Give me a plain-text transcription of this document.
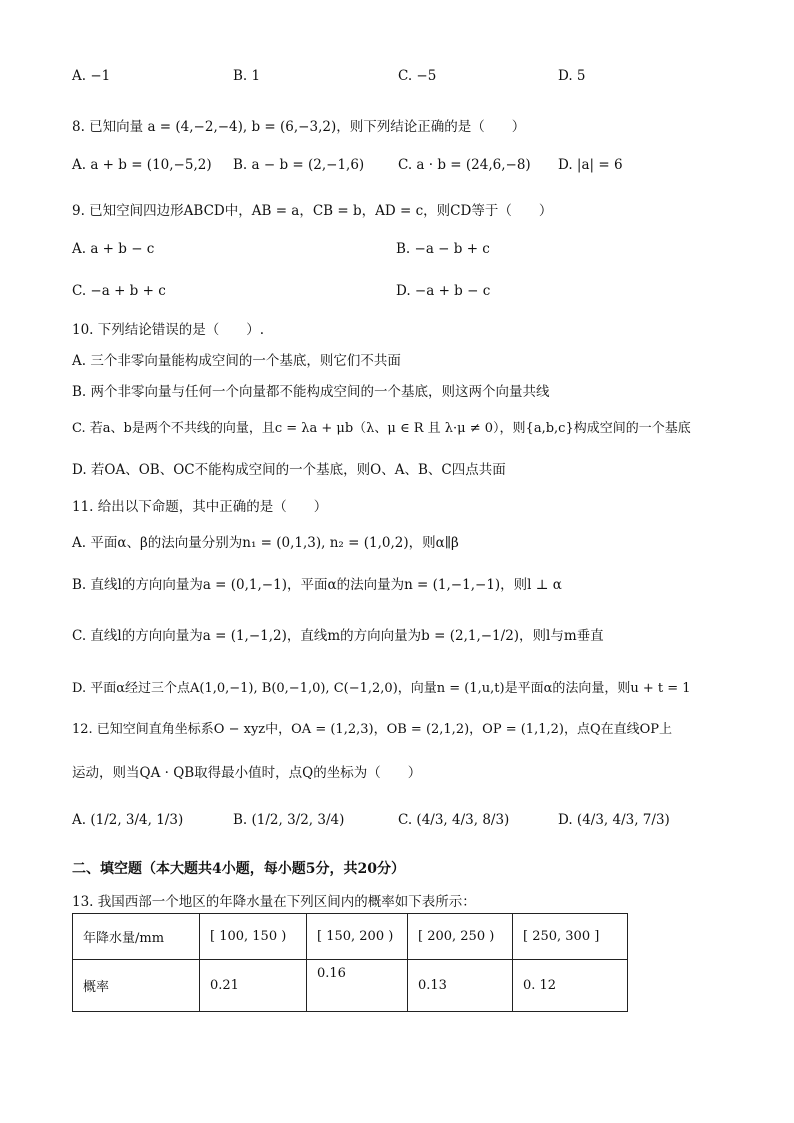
A. −1	B. 1	C. −5	D. 5
8. 已知向量 a = (4,−2,−4), b = (6,−3,2)，则下列结论正确的是（　　）
A. a + b = (10,−5,2) B. a − b = (2,−1,6)	C. a · b = (24,6,−8) D. |a| = 6
9. 已知空间四边形ABCD中，AB = a，CB = b，AD = c，则CD等于（　　）
A. a + b − c	B. −a − b + c
C. −a + b + c	D. −a + b − c
10. 下列结论错误的是（　　）.
A. 三个非零向量能构成空间的一个基底，则它们不共面
B. 两个非零向量与任何一个向量都不能构成空间的一个基底，则这两个向量共线
C. 若a、b是两个不共线的向量，且c = λa + μb（λ、μ ∈ R 且 λ·μ ≠ 0），则{a,b,c}构成空间的一个基底
D. 若OA、OB、OC不能构成空间的一个基底，则O、A、B、C四点共面
11. 给出以下命题，其中正确的是（　　）
A. 平面α、β的法向量分别为n₁ = (0,1,3), n₂ = (1,0,2)，则α∥β
B. 直线l的方向向量为a = (0,1,−1)，平面α的法向量为n = (1,−1,−1)，则l ⊥ α
C. 直线l的方向向量为a = (1,−1,2)，直线m的方向向量为b = (2,1,−1/2)，则l与m垂直
D. 平面α经过三个点A(1,0,−1), B(0,−1,0), C(−1,2,0)，向量n = (1,u,t)是平面α的法向量，则u + t = 1
12. 已知空间直角坐标系O − xyz中，OA = (1,2,3)，OB = (2,1,2)，OP = (1,1,2)，点Q在直线OP上
运动，则当QA · QB取得最小值时，点Q的坐标为（　　）
A. (1/2, 3/4, 1/3)	B. (1/2, 3/2, 3/4)	C. (4/3, 4/3, 8/3)	D. (4/3, 4/3, 7/3)
二、填空题（本大题共4小题，每小题5分，共20分）
13. 我国西部一个地区的年降水量在下列区间内的概率如下表所示：
年降水量/mm	[ 100, 150 )	[ 150, 200 )	[ 200, 250 )	[ 250, 300 ]
概率	0.21	0.16	0.13	0. 12
